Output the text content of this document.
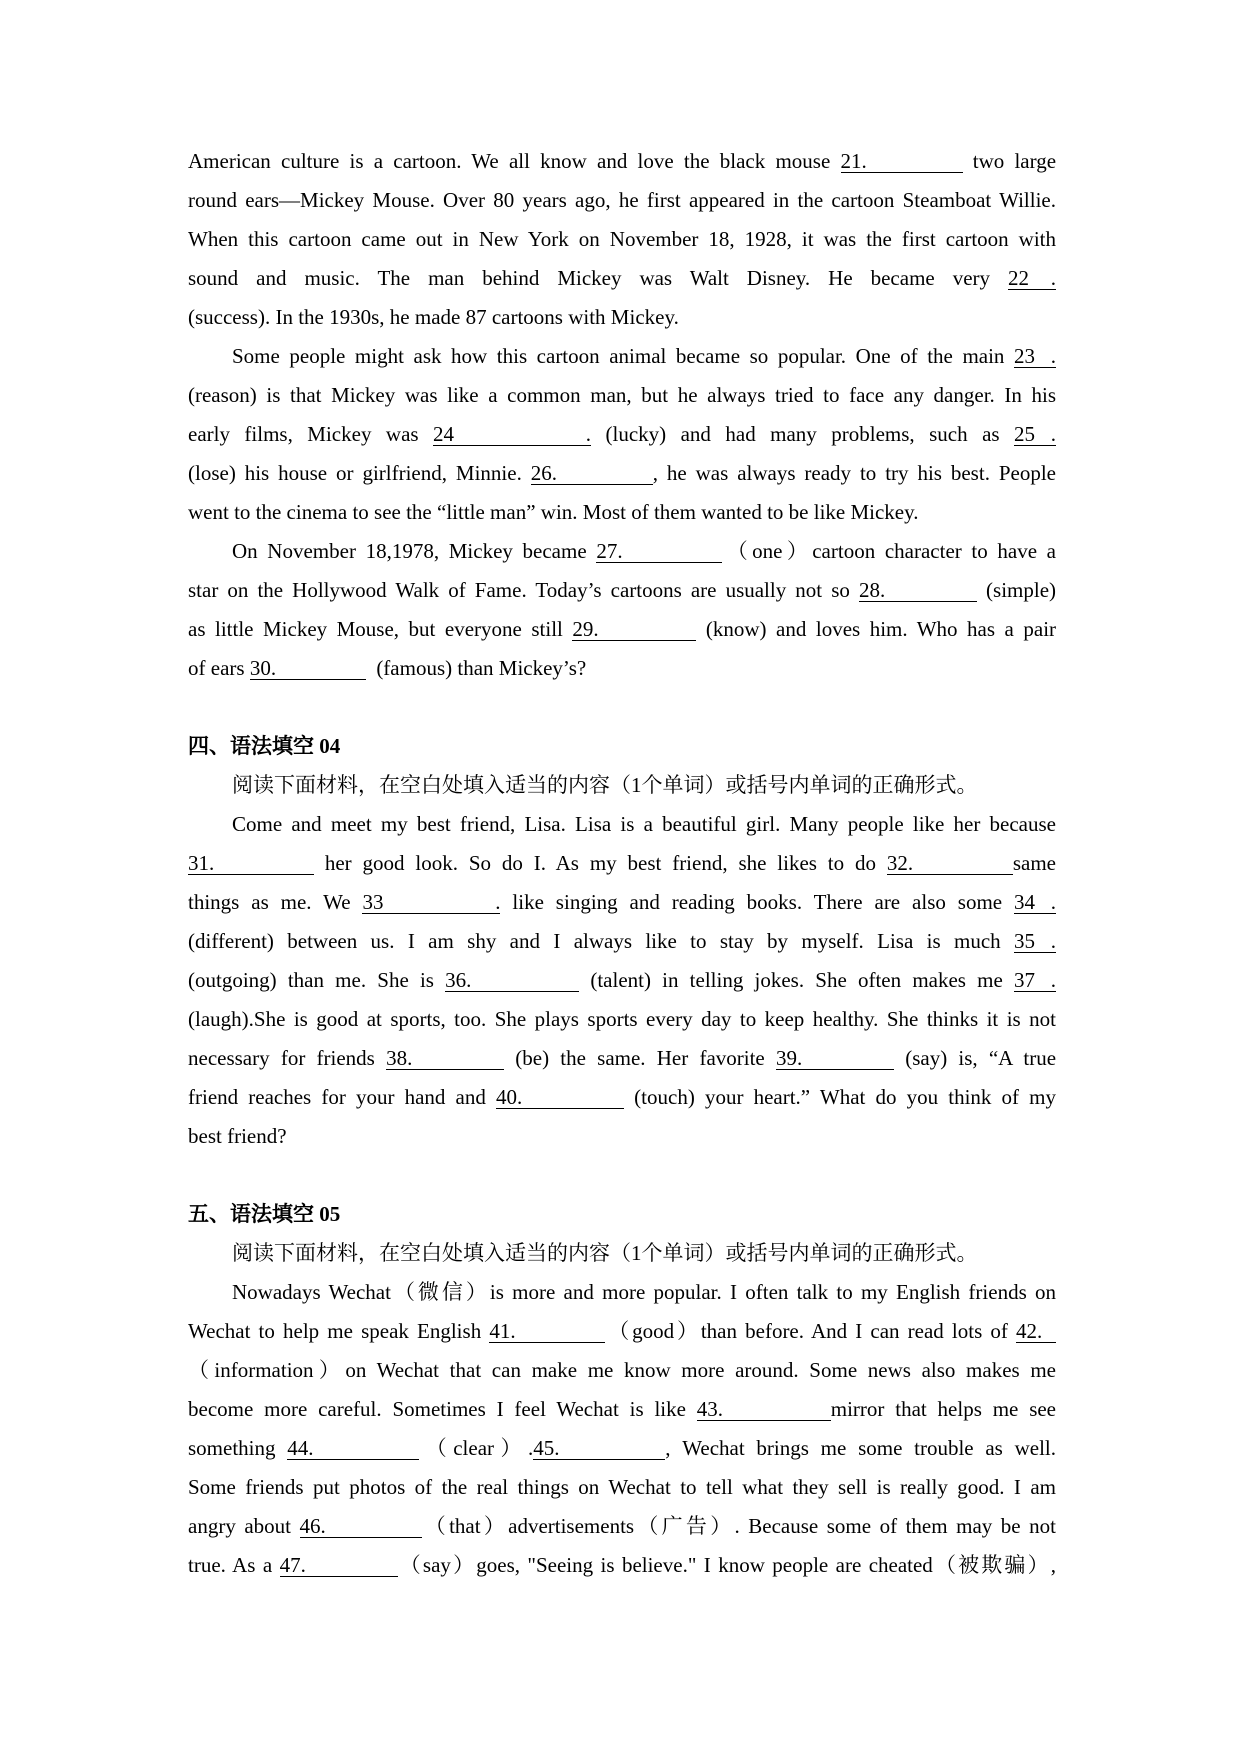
American culture is a cartoon. We all know and love the black mouse 21.	two large
round ears—Mickey Mouse. Over 80 years ago, he first appeared in the cartoon Steamboat Willie.
When this cartoon came out in New York on November 18, 1928, it was the first cartoon with
sound and music. The man behind Mickey was Walt Disney. He became very 22 .
(success). In the 1930s, he made 87 cartoons with Mickey.
Some people might ask how this cartoon animal became so popular. One of the main 23 .
(reason) is that Mickey was like a common man, but he always tried to face any danger. In his
early films, Mickey was 24 . (lucky) and had many problems, such as 25 .
(lose) his house or girlfriend, Minnie. 26.	, he was always ready to try his best. People
went to the cinema to see the “little man” win. Most of them wanted to be like Mickey.
On November 18,1978, Mickey became 27.	（one）cartoon character to have a
star on the Hollywood Walk of Fame. Today’s cartoons are usually not so 28.	(simple)
as little Mickey Mouse, but everyone still 29.	(know) and loves him. Who has a pair
of ears 30.	(famous) than Mickey’s?
四、语法填空 04
阅读下面材料，在空白处填入适当的内容（1个单词）或括号内单词的正确形式。
Come and meet my best friend, Lisa. Lisa is a beautiful girl. Many people like her because
31.	her good look. So do I. As my best friend, she likes to do 32.	same
things as me. We 33 . like singing and reading books. There are also some 34 .
(different) between us. I am shy and I always like to stay by myself. Lisa is much 35 .
(outgoing) than me. She is 36.	(talent) in telling jokes. She often makes me 37 .
(laugh).She is good at sports, too. She plays sports every day to keep healthy. She thinks it is not
necessary for friends 38.	(be) the same. Her favorite 39.	(say) is, “A true
friend reaches for your hand and 40.	(touch) your heart.” What do you think of my
best friend?
五、语法填空 05
阅读下面材料，在空白处填入适当的内容（1个单词）或括号内单词的正确形式。
Nowadays Wechat（微信）is more and more popular. I often talk to my English friends on
Wechat to help me speak English 41.	（good）than before. And I can read lots of 42.
（information）on Wechat that can make me know more around. Some news also makes me
become more careful. Sometimes I feel Wechat is like 43.	mirror that helps me see
something 44.	（clear）.45.	, Wechat brings me some trouble as well.
Some friends put photos of the real things on Wechat to tell what they sell is really good. I am
angry about 46.	（that）advertisements（广告）. Because some of them may be not
true. As a 47.	（say）goes, "Seeing is believe." I know people are cheated（被欺骗）,
